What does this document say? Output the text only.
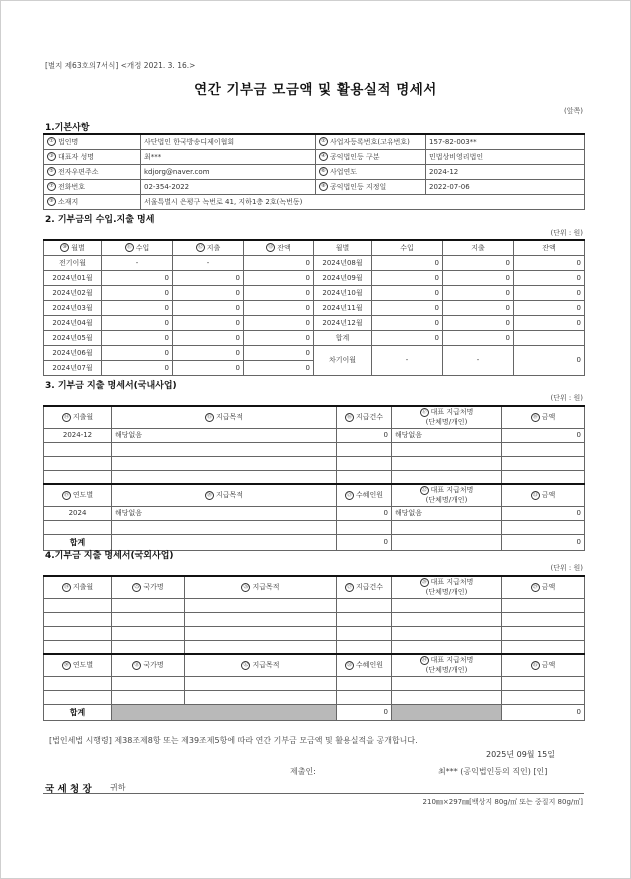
[별지 제63호의7서식] <개정 2021. 3. 16.>
연간 기부금 모금액 및 활용실적 명세서
(앞쪽)
1.기본사항
① 법인명	사단법인 한국방송디제이협회	② 사업자등록번호(고유번호)	157-82-003**
③ 대표자 성명	최***	④ 공익법인등 구분	민법상비영리법인
⑤ 전자우편주소	kdjorg@naver.com	⑥ 사업연도	2024-12
⑦ 전화번호	02-354-2022	⑧ 공익법인등 지정일	2022-07-06
⑨ 소재지	서울특별시 은평구 녹번로 41, 지하1층 2호(녹번동)		
2. 기부금의 수입.지출 명세
(단위 : 원)
⑩ 월별	⑪ 수입	⑫ 지출	⑬ 잔액	월별	수입	지출	잔액
전기이월	-	-	0	2024년08월	0	0	0
2024년01월	0	0	0	2024년09월	0	0	0
2024년02월	0	0	0	2024년10월	0	0	0
2024년03월	0	0	0	2024년11월	0	0	0
2024년04월	0	0	0	2024년12월	0	0	0
2024년05월	0	0	0	합계	0	0	
2024년06월	0	0	0	차기이월	-	-	0
2024년07월	0	0	0				
3. 기부금 지출 명세서(국내사업)
(단위 : 원)
⑭ 지출월	⑮ 지급목적	⑯ 지급건수	⑰ 대표 지급처명
(단체명/개인)	⑱ 금액
2024-12	해당없음	0	해당없음	0

⑲ 연도별	⑳ 지급목적	㉑ 수혜인원	㉒ 대표 지급처명
(단체명/개인)	㉓ 금액
2024	해당없음	0	해당없음	0

합계		0		0
4.기부금 지출 명세서(국외사업)
(단위 : 원)
㉔ 지출월	㉕ 국가명	㉖ 지급목적	㉗ 지급건수	㉘ 대표 지급처명
(단체명/개인)	㉙ 금액

㉚ 연도별	㉛ 국가명	㉜ 지급목적	㉝ 수혜인원	㉞ 대표 지급처명
(단체명/개인)	㉟ 금액

합계			0		0
[법인세법 시행령] 제38조제8항 또는 제39조제5항에 따라 연간 기부금 모금액 및 활용실적을 공개합니다.
2025년 09월 15일
제출인:	최*** (공익법인등의 직인) [인]
국 세 청 장 귀하
210㎜×297㎜[백상지 80g/㎡ 또는 중질지 80g/㎡]
